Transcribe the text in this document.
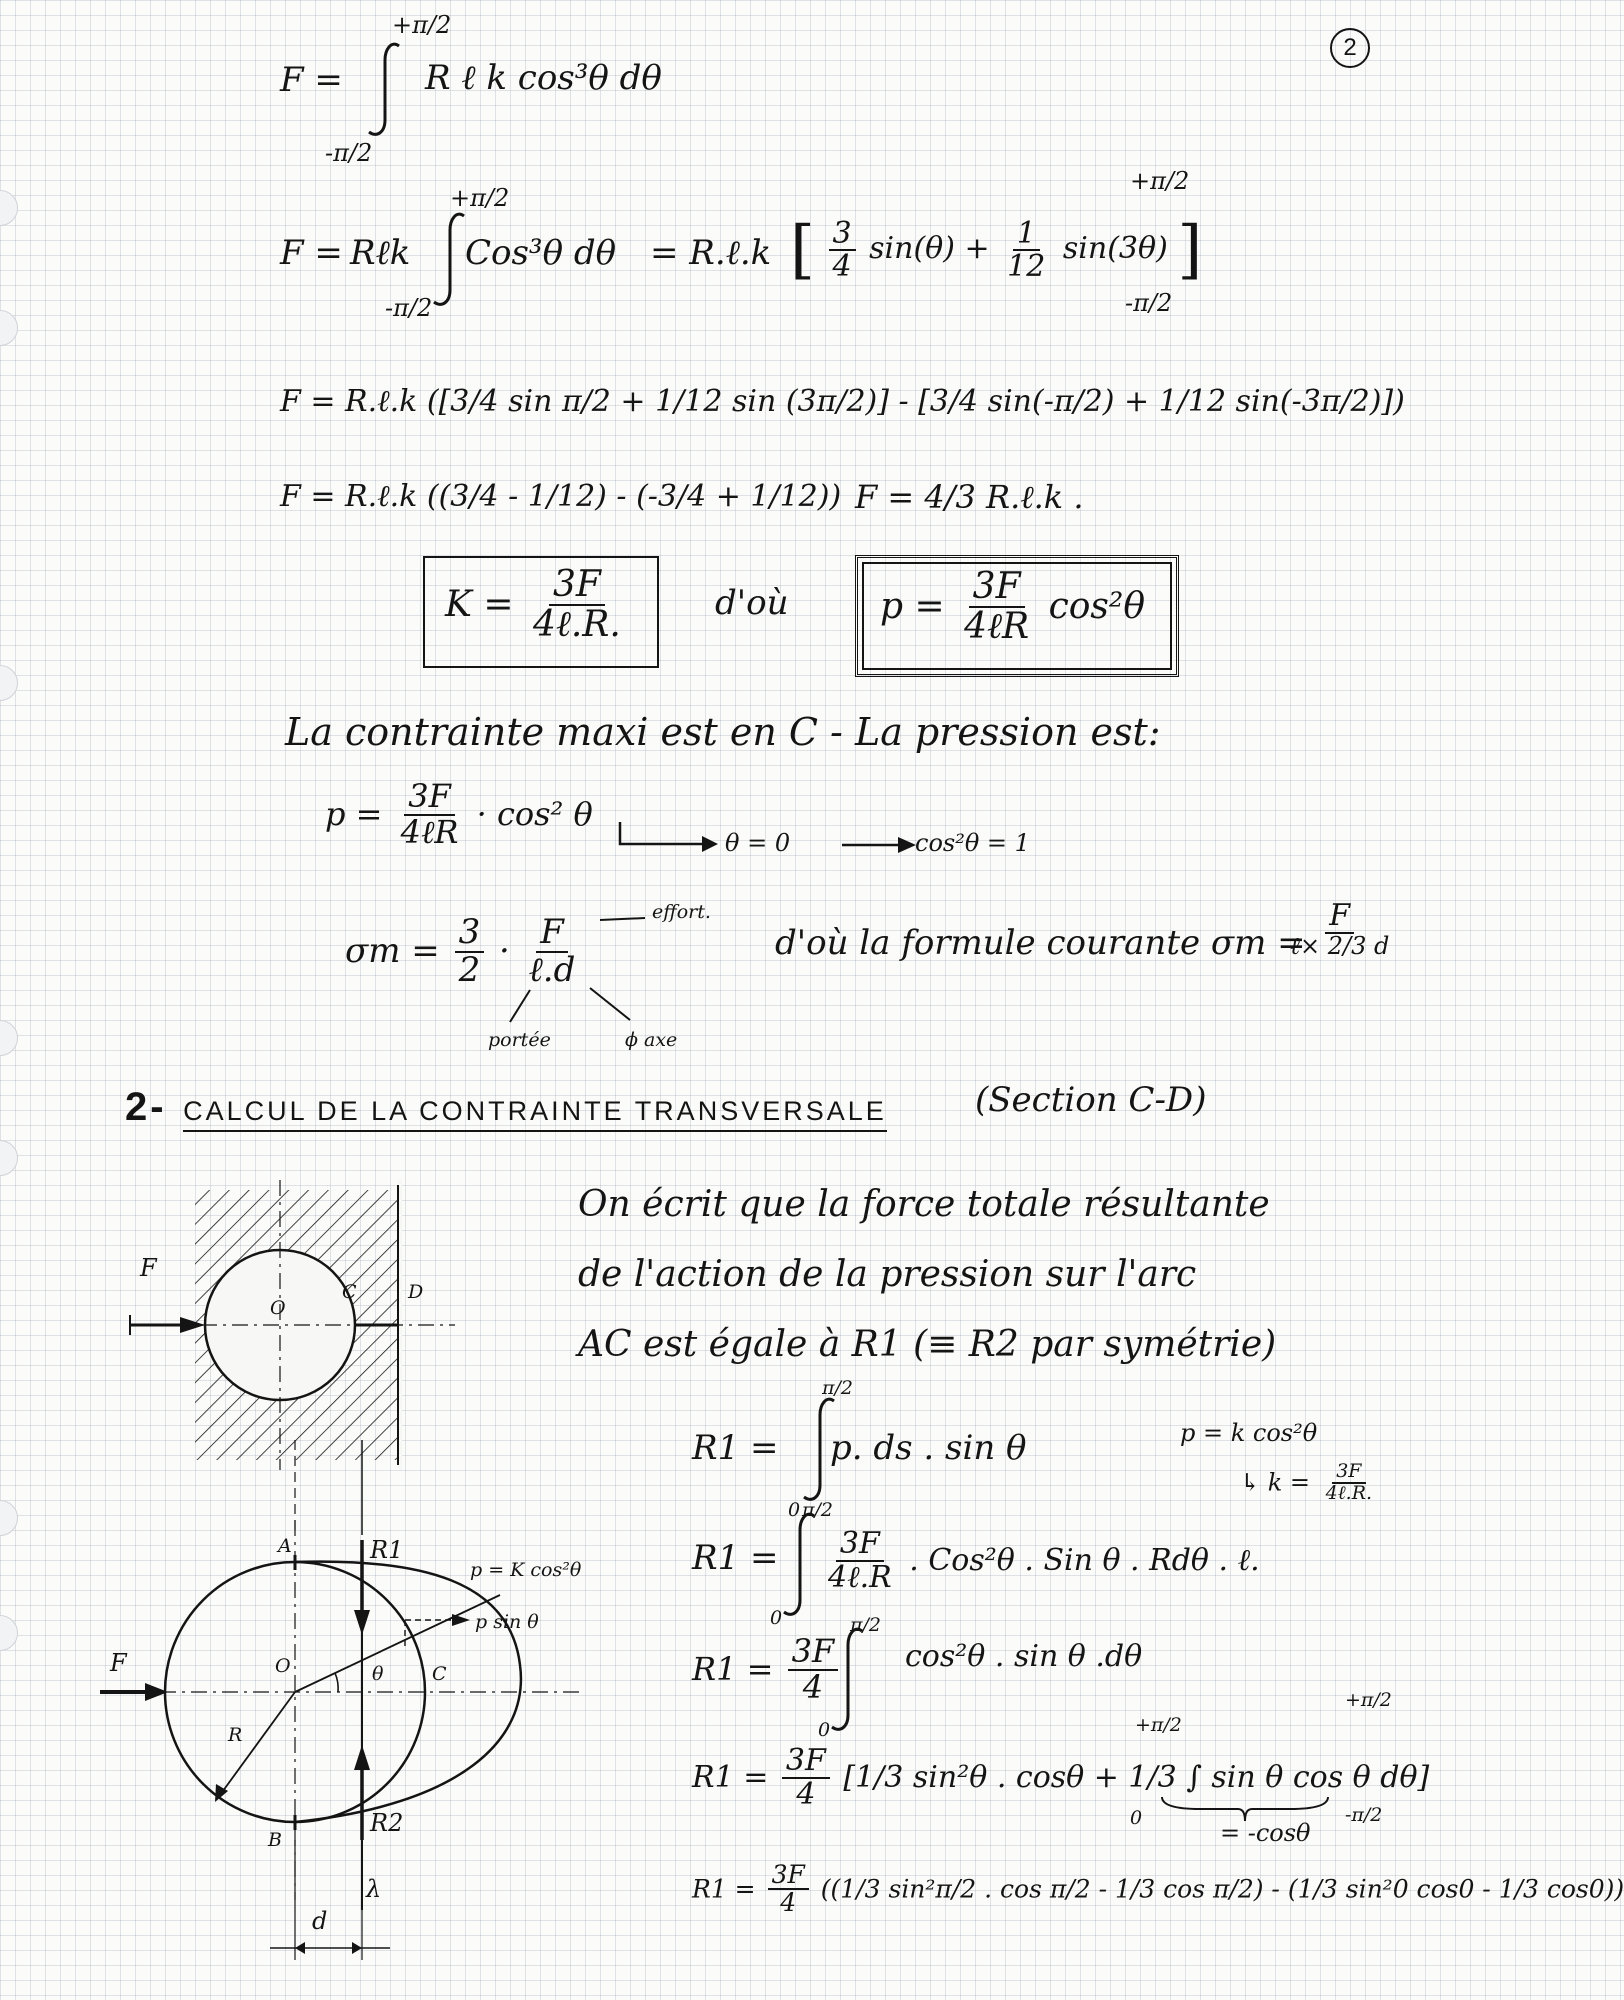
2
F =
+π/2
-π/2
R ℓ k cos³θ dθ
F = Rℓk
+π/2
-π/2
Cos³θ dθ = R.ℓ.k [ $\frac{3}{4} \sin(\theta) + \frac{1}{12} \sin(3\theta)$ ]
+π/2
-π/2
F = R.ℓ.k ([3/4 sin π/2 + 1/12 sin (3π/2)] - [3/4 sin(-π/2) + 1/12 sin(-3π/2)])
F = R.ℓ.k ((3/4 - 1/12) - (-3/4 + 1/12)) F = 4/3 R.ℓ.k .
$K = \frac{3F}{\text{4ℓ.R.}}$	d'où	$p = \frac{3F}{\text{4ℓR}} \cos^2\theta$
La contrainte maxi est en C - La pression est:
$p = \frac{3F}{\text{4ℓR}} \cdot \cos^2$ θ
θ = 0	cos²θ = 1
$\sigma m = \frac{3}{2} \cdot \frac{F}{\text{ℓ.d}}$
effort.
portée	ϕ axe
d'où la formule courante σm =
$\frac{F}{\text{ℓ× 2/3 d}}$
2- CALCUL DE LA CONTRAINTE TRANSVERSALE	(Section C-D)
On écrit que la force totale résultante
de l'action de la pression sur l'arc
AC est égale à R1 (≡ R2 par symétrie)
F
O
C	D
A
B
O	C
F
R
R1
R2
θ
λ
d
p = K cos²θ
p sin θ
R1 =
π/2
0
p. ds . sin θ	p = k cos²θ
↳ $k = \frac{3F}{\text{4ℓ.R.}}$
R1 =
π/2
0
$\frac{3F}{\text{4ℓ.R}}$ . Cos²θ . Sin θ . Rdθ . ℓ.
$R1 = \frac{3F}{4}$
π/2
0
cos²θ . sin θ .dθ
$R1 = \frac{3F}{4} [1/3$ sin²θ . cosθ + 1/3 ∫ sin θ cos θ dθ]
+π/2
0
= -cosθ
+π/2
-π/2
$R1 = \frac{3F}{4} ((1/3$ sin²π/2 . cos π/2 - 1/3 cos π/2) - (1/3 sin²0 cos0 - 1/3 cos0))
